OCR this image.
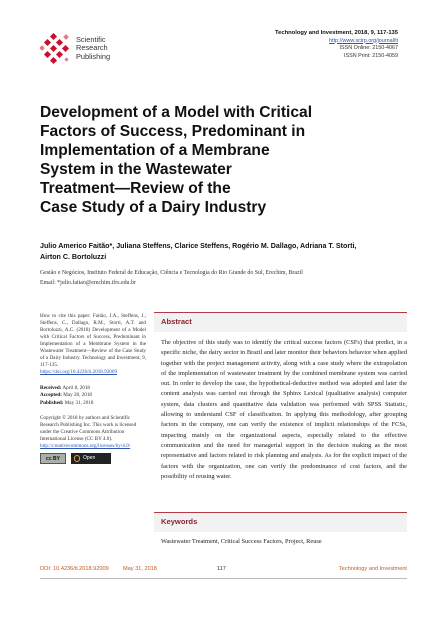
Scientific
Research
Publishing
Technology and Investment, 2018, 9, 117-135
http://www.scirp.org/journal/ti
ISSN Online: 2150-4067
ISSN Print: 2150-4059
Development of a Model with Critical
Factors of Success, Predominant in
Implementation of a Membrane
System in the Wastewater
Treatment—Review of the
Case Study of a Dairy Industry
Julio Americo Faitão*, Juliana Steffens, Clarice Steffens, Rogério M. Dallago, Adriana T. Storti,
Airton C. Bortoluzzi
Gestão e Negócios, Instituto Federal de Educação, Ciência e Tecnologia do Rio Grande do Sul, Erechim, Brazil
Email: *julio.faitao@erechim.ifrs.edu.br
How to cite this paper: Faitão, J.A., Steffens, J., Steffens, C., Dallago, R.M., Storti, A.T. and Bortoluzzi, A.C. (2018) Development of a Model with Critical Factors of Success, Predominant in Implementation of a Membrane System in the Wastewater Treatment—Review of the Case Study of a Dairy Industry. Technology and Investment, 9, 117-135.
https://doi.org/10.4236/ti.2018.92009
Received: April 8, 2018
Accepted: May 28, 2018
Published: May 31, 2018
Copyright © 2018 by authors and Scientific Research Publishing Inc. This work is licensed under the Creative Commons Attribution International License (CC BY 4.0).
http://creativecommons.org/licenses/by/4.0/
cc BY	Open Access
Abstract
The objective of this study was to identify the critical success factors (CSFs) that predict, in a specific niche, the dairy sector in Brazil and later monitor their behaviors behavior when applied together with the project management activity, along with a case study where the extrapolation of the implementation of wastewater treatment by the combined membrane system was carried out. In order to develop the case, the hypothetical-deductive method was adopted and later the content analysis was carried out through the Sphinx Lexical (qualitative analysis) computer system, data clusters and quantitative data validation was performed with SPSS Statistic, allowing to understand CSF of classification. In applying this methodology, after grouping factors in the company, one can verify the existence of implicit relationships of the FCSs, impacting mainly on the organizational aspects, especially related to the effective communication and the need for managerial support in the decision making as the most representative and factors related to risk planning and analysis. As for the explicit impact of the factors with the organization, one can verify the predominance of cost factors, and the possibility of reusing water.
Keywords
Wastewater Treatment, Critical Success Factors, Project, Reuse
DOI: 10.4236/ti.2018.92009	May 31, 2018	117	Technology and Investment
